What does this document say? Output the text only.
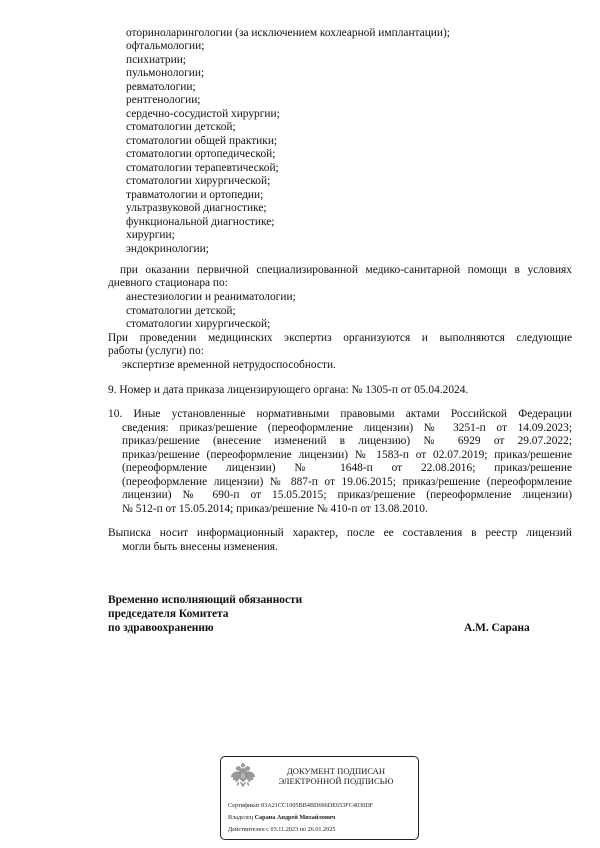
оториноларингологии (за исключением кохлеарной имплантации);
офтальмологии;
психиатрии;
пульмонологии;
ревматологии;
рентгенологии;
сердечно-сосудистой хирургии;
стоматологии детской;
стоматологии общей практики;
стоматологии ортопедической;
стоматологии терапевтической;
стоматологии хирургической;
травматологии и ортопедии;
ультразвуковой диагностике;
функциональной диагностике;
хирургии;
эндокринологии;
при оказании первичной специализированной медико-санитарной помощи в условиях
дневного стационара по:
анестезиологии и реаниматологии;
стоматологии детской;
стоматологии хирургической;
При проведении медицинских экспертиз организуются и выполняются следующие
работы (услуги) по:
экспертизе временной нетрудоспособности.
9. Номер и дата приказа лицензирующего органа: № 1305-п от 05.04.2024.
10. Иные установленные нормативными правовыми актами Российской Федерации
сведения: приказ/решение (переоформление лицензии) № 3251-п от 14.09.2023;
приказ/решение (внесение изменений в лицензию) № 6929 от 29.07.2022;
приказ/решение (переоформление лицензии) № 1583-п от 02.07.2019; приказ/решение
(переоформление лицензии) № 1648-п от 22.08.2016; приказ/решение
(переоформление лицензии) № 887-п от 19.06.2015; приказ/решение (переоформление
лицензии) № 690-п от 15.05.2015; приказ/решение (переоформление лицензии)
№ 512-п от 15.05.2014; приказ/решение № 410-п от 13.08.2010.
Выписка носит информационный характер, после ее составления в реестр лицензий
могли быть внесены изменения.
Временно исполняющий обязанности
председателя Комитета
по здравоохранению	А.М. Сарана
ДОКУМЕНТ ПОДПИСАН
ЭЛЕКТРОННОЙ ПОДПИСЬЮ
Сертификат 83A21CC1005BB4BD696DE653FC4030DF
Владелец Сарана Андрей Михайлович
Действителен с 03.11.2023 по 26.01.2025
